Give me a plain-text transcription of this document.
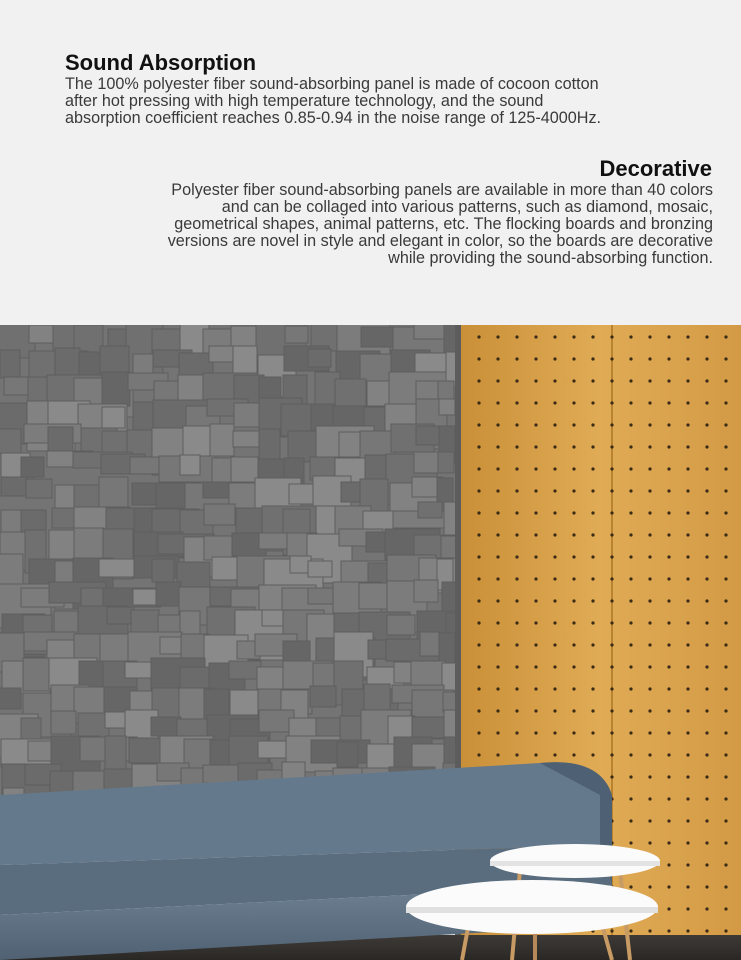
Sound Absorption

The 100% polyester fiber sound-absorbing panel is made of cocoon cotton
after hot pressing with high temperature technology, and the sound
absorption coefficient reaches 0.85-0.94 in the noise range of 125-4000Hz.

Decorative

Polyester fiber sound-absorbing panels are available in more than 40 colors
and can be collaged into various patterns, such as diamond, mosaic,
geometrical shapes, animal patterns, etc. The flocking boards and bronzing
versions are novel in style and elegant in color, so the boards are decorative
while providing the sound-absorbing function.
